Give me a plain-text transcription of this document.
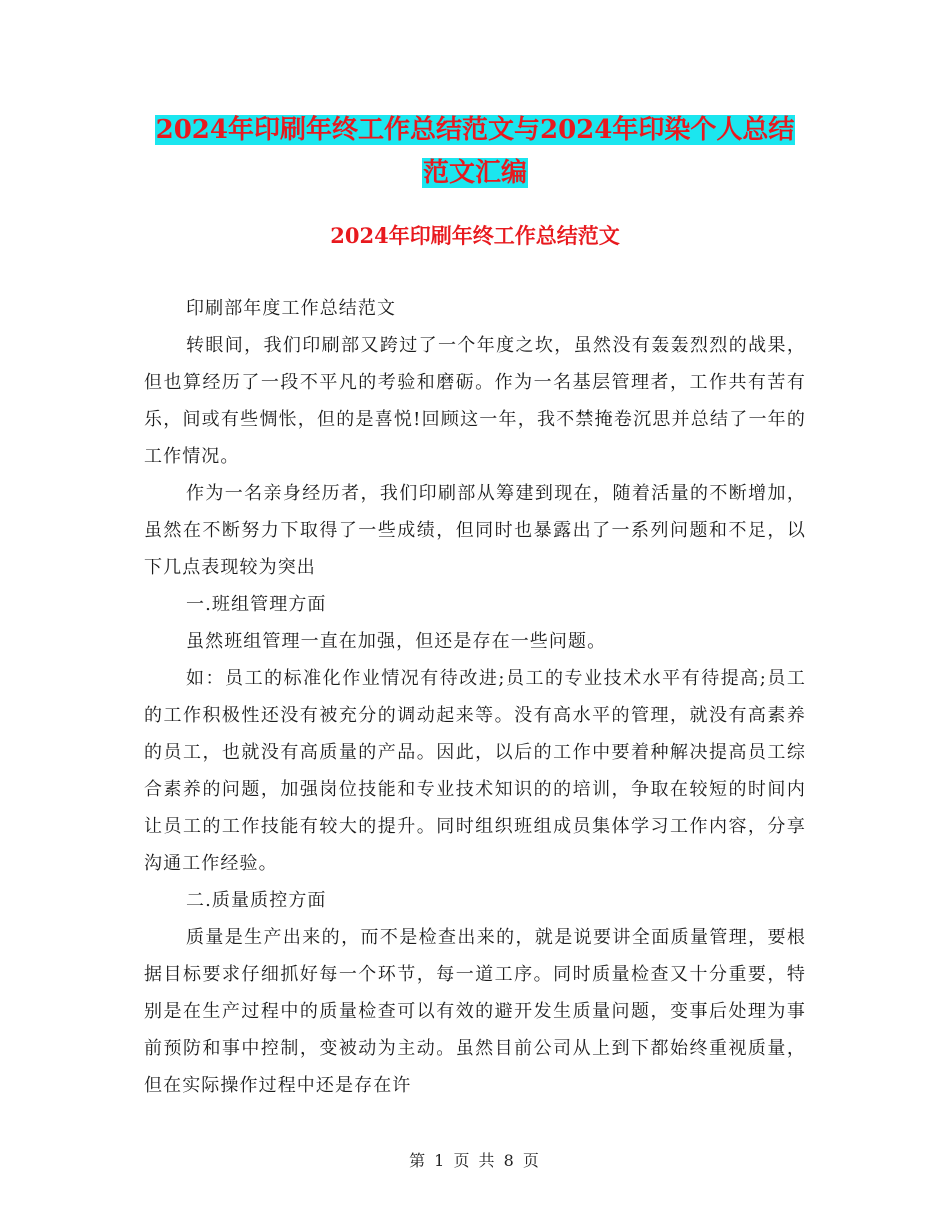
2024年印刷年终工作总结范文与2024年印染个人总结
范文汇编
2024年印刷年终工作总结范文

印刷部年度工作总结范文

转眼间，我们印刷部又跨过了一个年度之坎，虽然没有轰轰烈烈的战果，但也算经历了一段不平凡的考验和磨砺。作为一名基层管理者，工作共有苦有乐，间或有些惆怅，但的是喜悦!回顾这一年，我不禁掩卷沉思并总结了一年的工作情况。

作为一名亲身经历者，我们印刷部从筹建到现在，随着活量的不断增加，虽然在不断努力下取得了一些成绩，但同时也暴露出了一系列问题和不足，以下几点表现较为突出

一.班组管理方面

虽然班组管理一直在加强，但还是存在一些问题。

如：员工的标准化作业情况有待改进;员工的专业技术水平有待提高;员工的工作积极性还没有被充分的调动起来等。没有高水平的管理，就没有高素养的员工，也就没有高质量的产品。因此，以后的工作中要着种解决提高员工综合素养的问题，加强岗位技能和专业技术知识的的培训，争取在较短的时间内让员工的工作技能有较大的提升。同时组织班组成员集体学习工作内容，分享沟通工作经验。

二.质量质控方面

质量是生产出来的，而不是检查出来的，就是说要讲全面质量管理，要根据目标要求仔细抓好每一个环节，每一道工序。同时质量检查又十分重要，特别是在生产过程中的质量检查可以有效的避开发生质量问题，变事后处理为事前预防和事中控制，变被动为主动。虽然目前公司从上到下都始终重视质量，但在实际操作过程中还是存在许

第 1 页 共 8 页
